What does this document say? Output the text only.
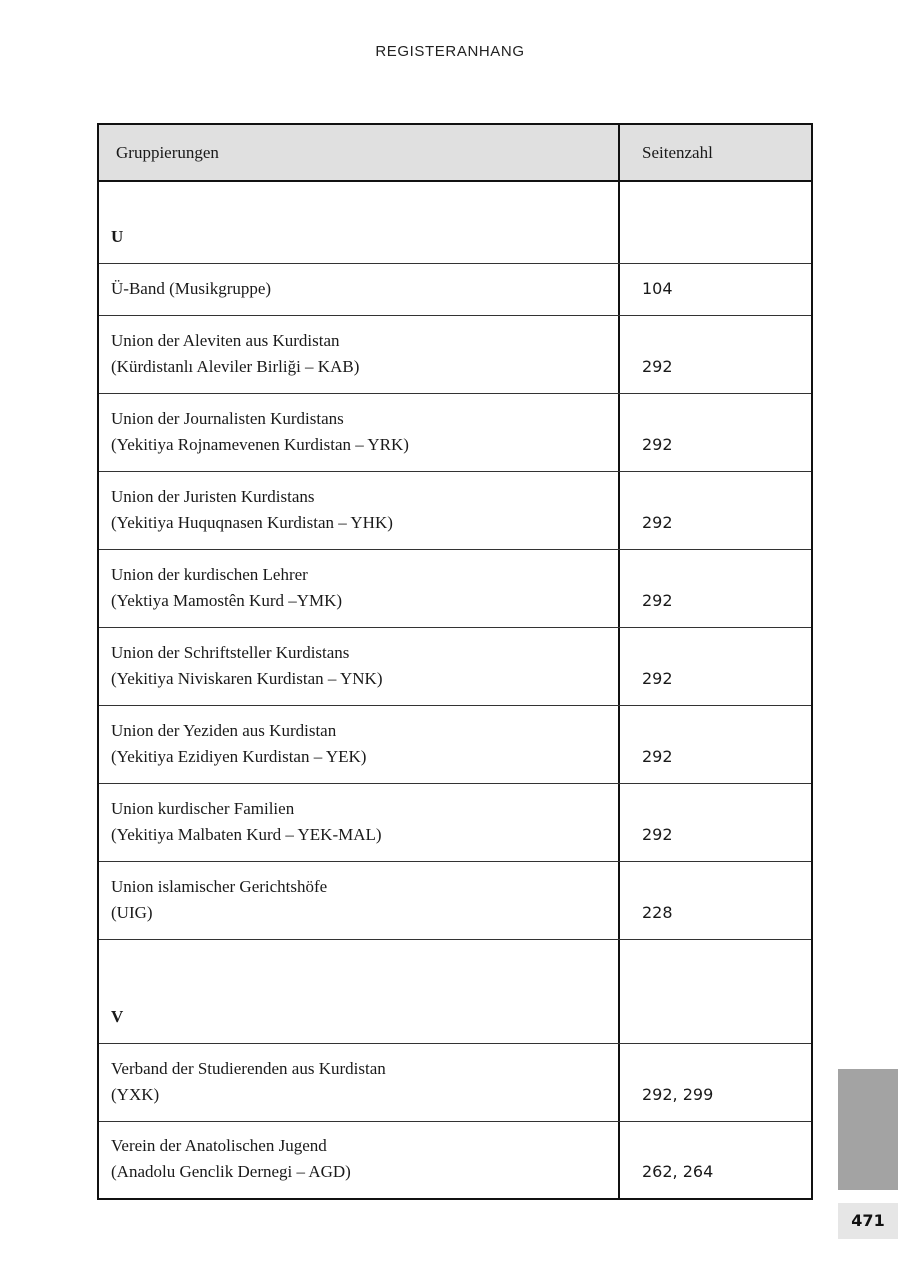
REGISTERANHANG
Gruppierungen	Seitenzahl
U
Ü-Band (Musikgruppe)	104
Union der Aleviten aus Kurdistan
(Kürdistanlı Aleviler Birliği – KAB)	292
Union der Journalisten Kurdistans
(Yekitiya Rojnamevenen Kurdistan – YRK)	292
Union der Juristen Kurdistans
(Yekitiya Huquqnasen Kurdistan – YHK)	292
Union der kurdischen Lehrer
(Yektiya Mamostên Kurd –YMK)	292
Union der Schriftsteller Kurdistans
(Yekitiya Niviskaren Kurdistan – YNK)	292
Union der Yeziden aus Kurdistan
(Yekitiya Ezidiyen Kurdistan – YEK)	292
Union kurdischer Familien
(Yekitiya Malbaten Kurd – YEK-MAL)	292
Union islamischer Gerichtshöfe
(UIG)	228
V
Verband der Studierenden aus Kurdistan
(YXK)	292, 299
Verein der Anatolischen Jugend
(Anadolu Genclik Dernegi – AGD)	262, 264
471
